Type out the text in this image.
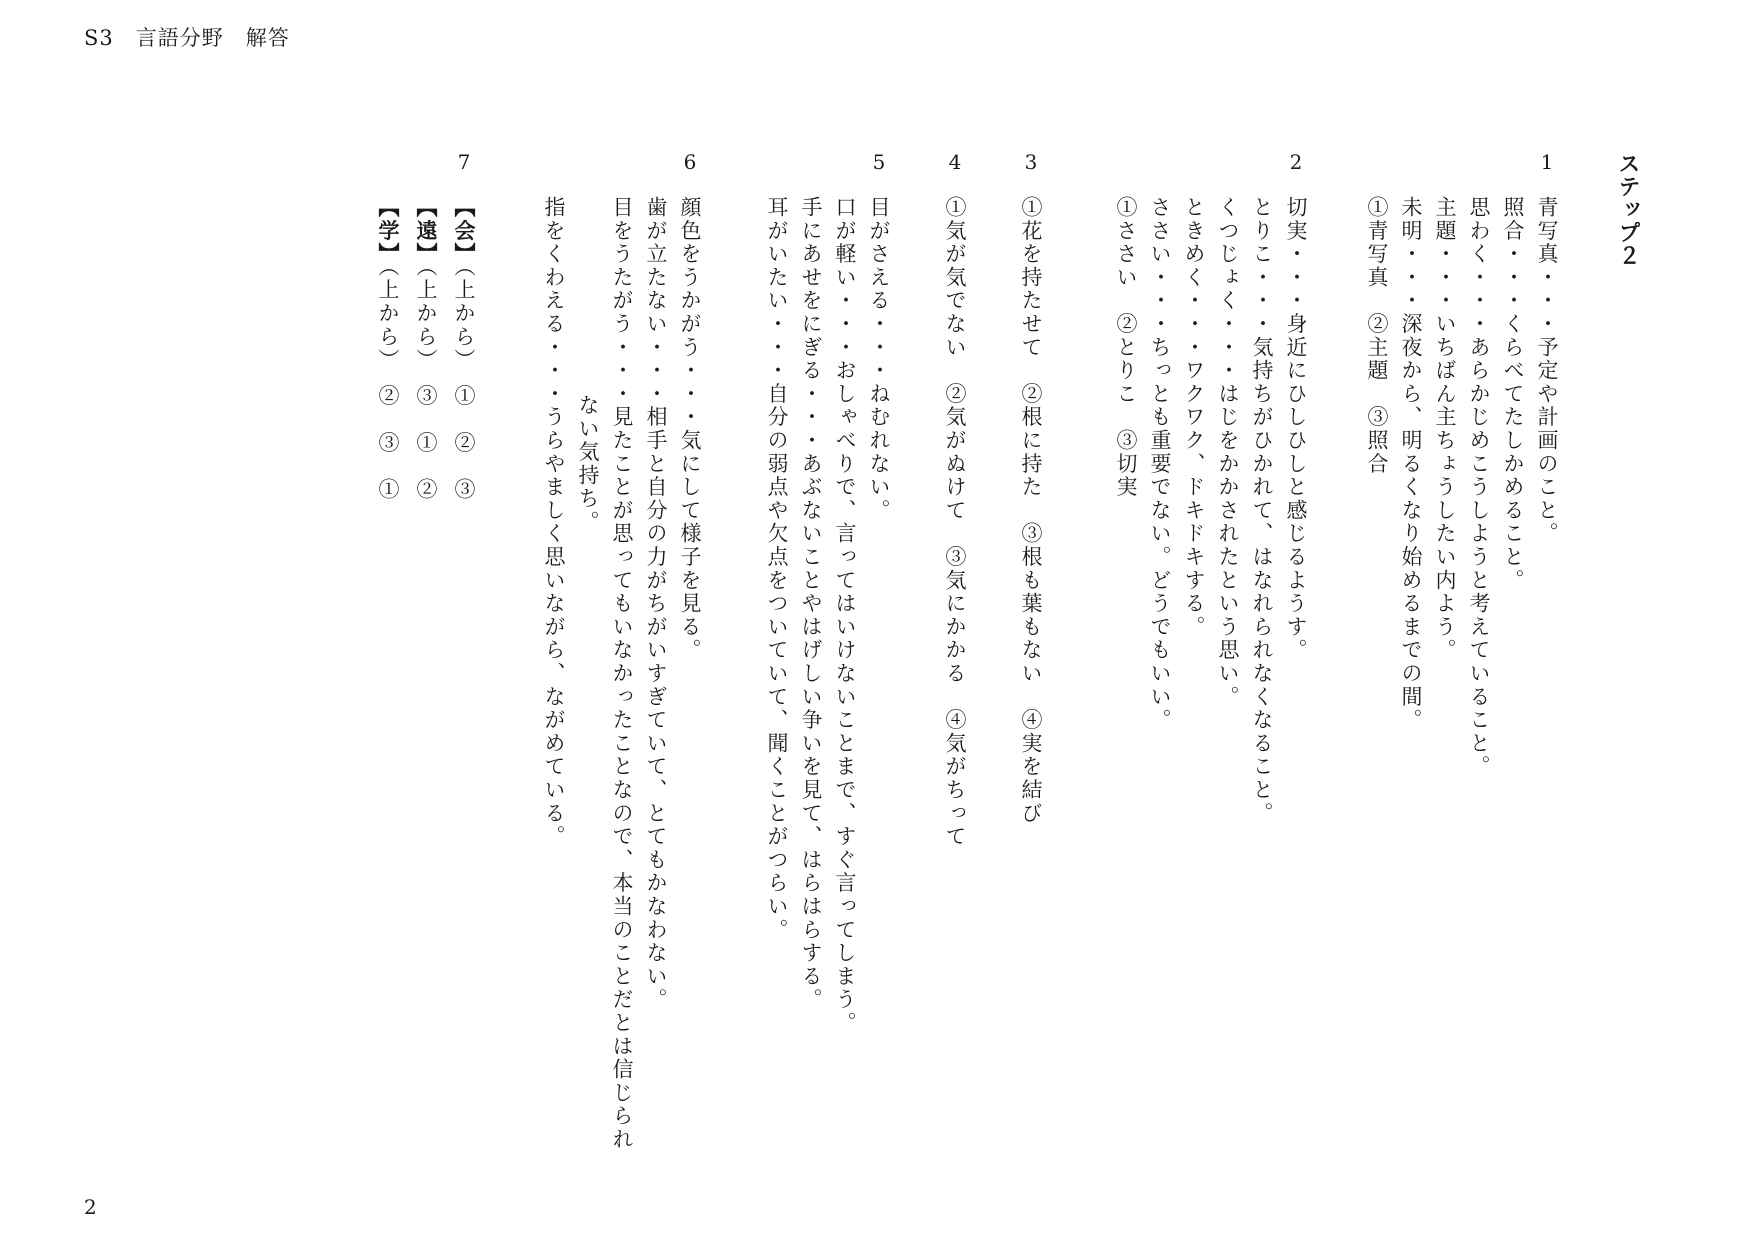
S3　言語分野　解答
ステップ２
1
青写真・・・予定や計画のこと。
照合・・・くらべてたしかめること。
思わく・・・あらかじめこうしようと考えていること。
主題・・・いちばん主ちょうしたい内よう。
未明・・・深夜から、明るくなり始めるまでの間。
①青写真　②主題　③照合
2
切実・・・身近にひしひしと感じるようす。
とりこ・・・気持ちがひかれて、はなれられなくなること。
くつじょく・・・はじをかかされたという思い。
ときめく・・・ワクワク、ドキドキする。
ささい・・・ちっとも重要でない。どうでもいい。
①ささい　②とりこ　③切実
3
①花を持たせて　②根に持た　③根も葉もない　④実を結び
4
①気が気でない　②気がぬけて　③気にかかる　④気がちって
5
目がさえる・・・ねむれない。
口が軽い・・・おしゃべりで、言ってはいけないことまで、すぐ言ってしまう。
手にあせをにぎる・・・あぶないことやはげしい争いを見て、はらはらする。
耳がいたい・・・自分の弱点や欠点をついていて、聞くことがつらい。
6
顔色をうかがう・・・気にして様子を見る。
歯が立たない・・・相手と自分の力がちがいすぎていて、とてもかなわない。
目をうたがう・・・見たことが思ってもいなかったことなので、本当のことだとは信じられ
ない気持ち。
指をくわえる・・・うらやましく思いながら、ながめている。
7
【会】（上から）　①　②　③
【遠】（上から）　③　①　②
【学】（上から）　②　③　①
2
